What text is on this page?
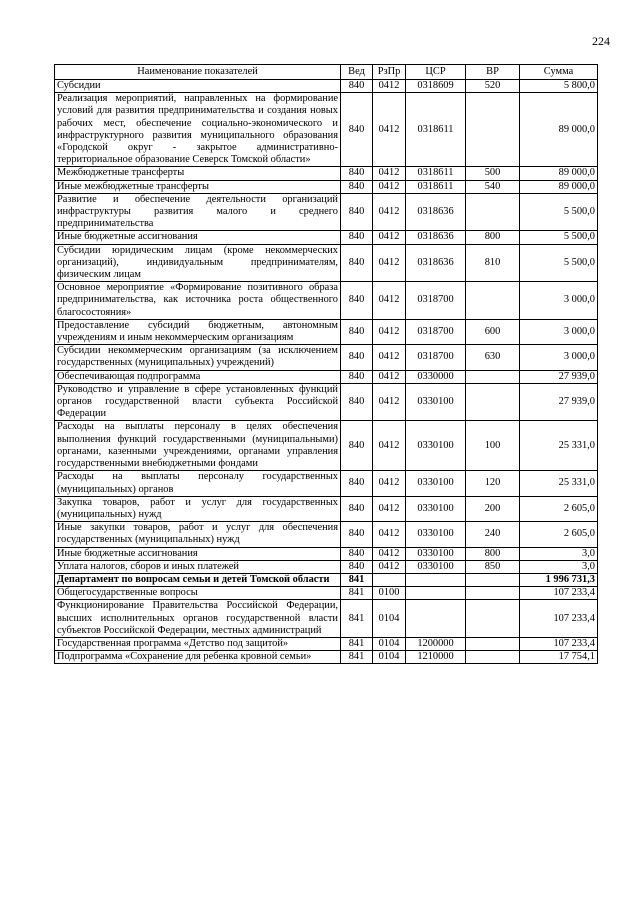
224
Наименование показателей	Вед	РзПр	ЦСР	ВР	Сумма
Субсидии	840	0412	0318609	520	5 800,0
Реализация мероприятий, направленных на формирование условий для развития предпринимательства и создания новых рабочих мест, обеспечение социально-экономического и инфраструктурного развития муниципального образования «Городской округ - закрытое административно-территориальное образование Северск Томской области»	840	0412	0318611		89 000,0
Межбюджетные трансферты	840	0412	0318611	500	89 000,0
Иные межбюджетные трансферты	840	0412	0318611	540	89 000,0
Развитие и обеспечение деятельности организаций инфраструктуры развития малого и среднего предпринимательства	840	0412	0318636		5 500,0
Иные бюджетные ассигнования	840	0412	0318636	800	5 500,0
Субсидии юридическим лицам (кроме некоммерческих организаций), индивидуальным предпринимателям, физическим лицам	840	0412	0318636	810	5 500,0
Основное мероприятие «Формирование позитивного образа предпринимательства, как источника роста общественного благосостояния»	840	0412	0318700		3 000,0
Предоставление субсидий бюджетным, автономным учреждениям и иным некоммерческим организациям	840	0412	0318700	600	3 000,0
Субсидии некоммерческим организациям (за исключением государственных (муниципальных) учреждений)	840	0412	0318700	630	3 000,0
Обеспечивающая подпрограмма	840	0412	0330000		27 939,0
Руководство и управление в сфере установленных функций органов государственной власти субъекта Российской Федерации	840	0412	0330100		27 939,0
Расходы на выплаты персоналу в целях обеспечения выполнения функций государственными (муниципальными) органами, казенными учреждениями, органами управления государственными внебюджетными фондами	840	0412	0330100	100	25 331,0
Расходы на выплаты персоналу государственных (муниципальных) органов	840	0412	0330100	120	25 331,0
Закупка товаров, работ и услуг для государственных (муниципальных) нужд	840	0412	0330100	200	2 605,0
Иные закупки товаров, работ и услуг для обеспечения государственных (муниципальных) нужд	840	0412	0330100	240	2 605,0
Иные бюджетные ассигнования	840	0412	0330100	800	3,0
Уплата налогов, сборов и иных платежей	840	0412	0330100	850	3,0
Департамент по вопросам семьи и детей Томской области	841				1 996 731,3
Общегосударственные вопросы	841	0100			107 233,4
Функционирование Правительства Российской Федерации, высших исполнительных органов государственной власти субъектов Российской Федерации, местных администраций	841	0104			107 233,4
Государственная программа «Детство под защитой»	841	0104	1200000		107 233,4
Подпрограмма «Сохранение для ребенка кровной семьи»	841	0104	1210000		17 754,1
